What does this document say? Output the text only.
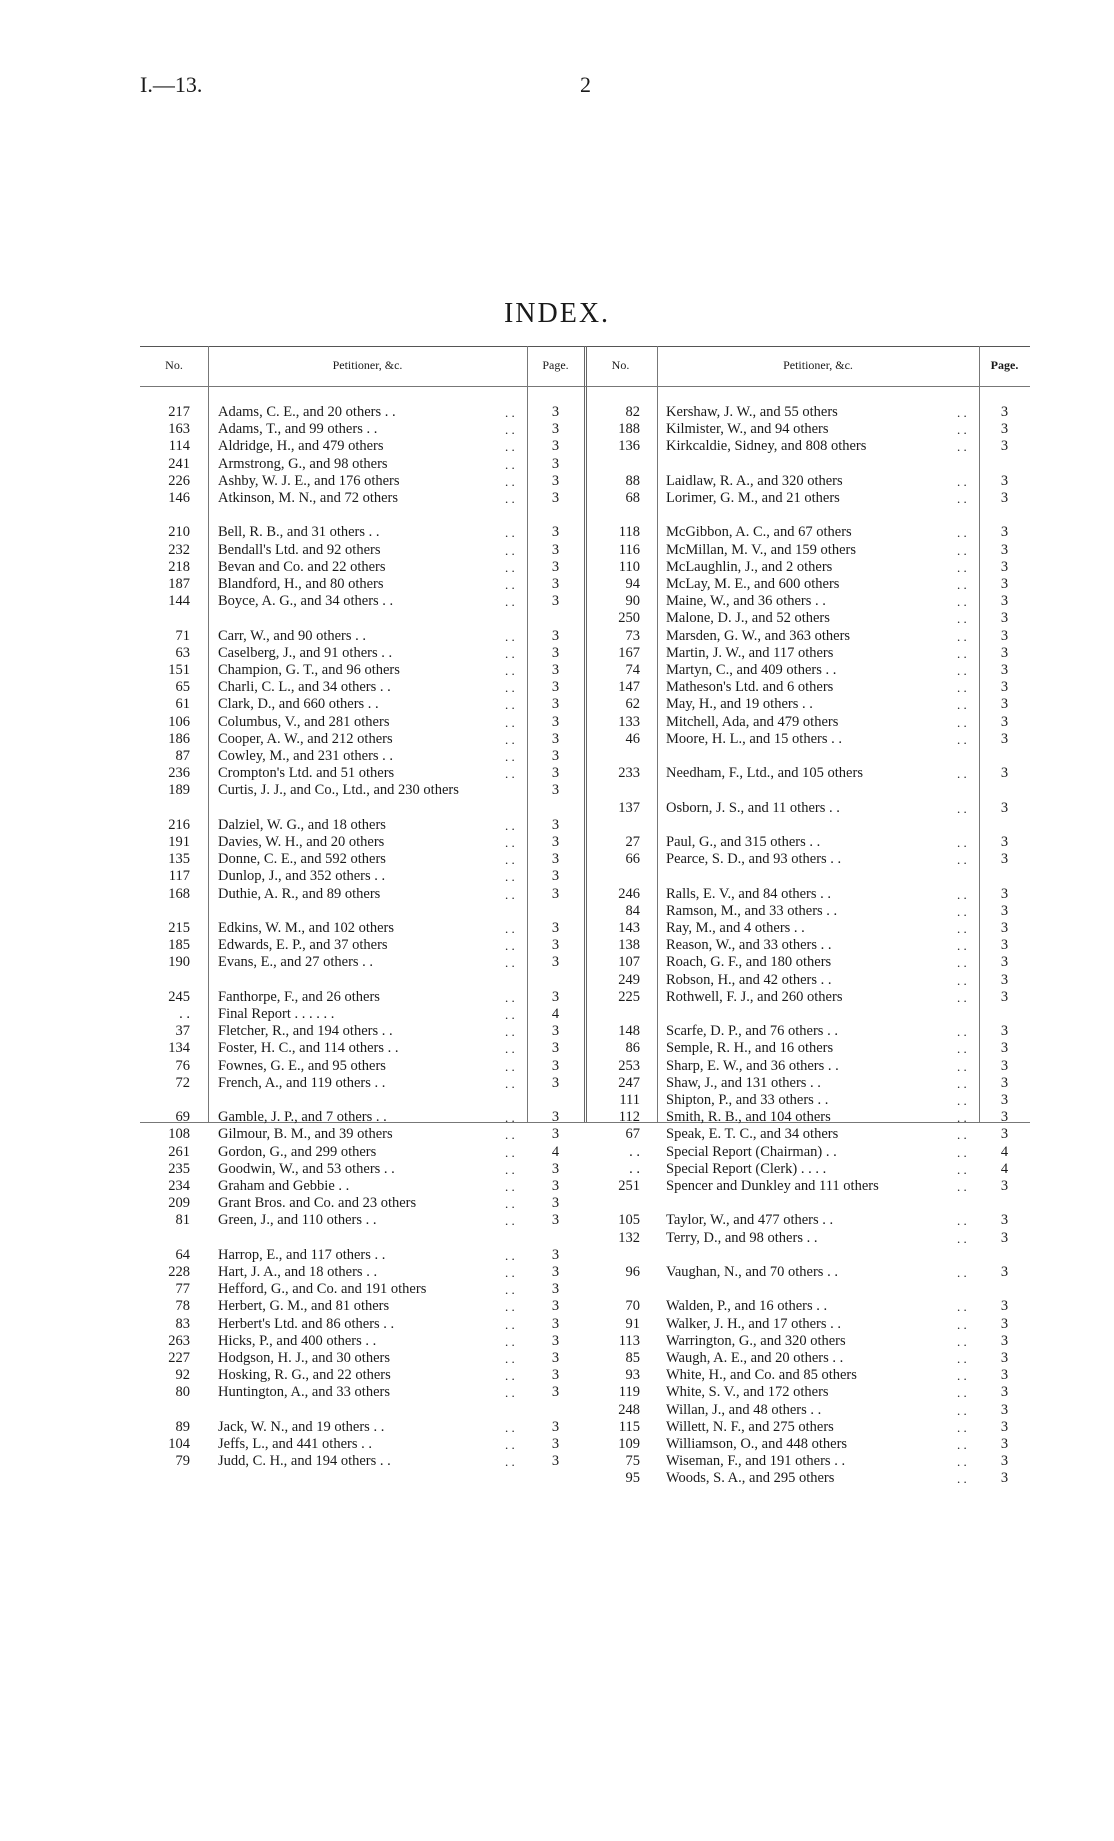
I.—13.	2
INDEX.
No.	Petitioner, &c.	Page.	No.	Petitioner, &c.	Page.
217 Adams, C. E., and 20 others . .	. .	3
163 Adams, T., and 99 others . .	. .	3
114 Aldridge, H., and 479 others	. .	3
241 Armstrong, G., and 98 others	. .	3
226 Ashby, W. J. E., and 176 others	. .	3
146 Atkinson, M. N., and 72 others	. .	3
210 Bell, R. B., and 31 others . .	. .	3
232 Bendall's Ltd. and 92 others	. .	3
218 Bevan and Co. and 22 others	. .	3
187 Blandford, H., and 80 others	. .	3
144 Boyce, A. G., and 34 others . .	. .	3
71 Carr, W., and 90 others . .	. .	3
63 Caselberg, J., and 91 others . .	. .	3
151 Champion, G. T., and 96 others	. .	3
65 Charli, C. L., and 34 others . .	. .	3
61 Clark, D., and 660 others . .	. .	3
106 Columbus, V., and 281 others	. .	3
186 Cooper, A. W., and 212 others	. .	3
87 Cowley, M., and 231 others . .	. .	3
236 Crompton's Ltd. and 51 others	. .	3
189 Curtis, J. J., and Co., Ltd., and 230 others	3
216 Dalziel, W. G., and 18 others	. .	3
191 Davies, W. H., and 20 others	. .	3
135 Donne, C. E., and 592 others	. .	3
117 Dunlop, J., and 352 others . .	. .	3
168 Duthie, A. R., and 89 others	. .	3
215 Edkins, W. M., and 102 others	. .	3
185 Edwards, E. P., and 37 others	. .	3
190 Evans, E., and 27 others . .	. .	3
245 Fanthorpe, F., and 26 others	. .	3
. . Final Report . . . . . .	. .	4
37 Fletcher, R., and 194 others . .	. .	3
134 Foster, H. C., and 114 others . .	. .	3
76 Fownes, G. E., and 95 others	. .	3
72 French, A., and 119 others . .	. .	3
69 Gamble, J. P., and 7 others . .	. .	3
108 Gilmour, B. M., and 39 others	. .	3
261 Gordon, G., and 299 others	. .	4
235 Goodwin, W., and 53 others . .	. .	3
234 Graham and Gebbie . .	. .	3
209 Grant Bros. and Co. and 23 others	. .	3
81 Green, J., and 110 others . .	. .	3
64 Harrop, E., and 117 others . .	. .	3
228 Hart, J. A., and 18 others . .	. .	3
77 Hefford, G., and Co. and 191 others	. .	3
78 Herbert, G. M., and 81 others	. .	3
83 Herbert's Ltd. and 86 others . .	. .	3
263 Hicks, P., and 400 others . .	. .	3
227 Hodgson, H. J., and 30 others	. .	3
92 Hosking, R. G., and 22 others	. .	3
80 Huntington, A., and 33 others	. .	3
89 Jack, W. N., and 19 others . .	. .	3
104 Jeffs, L., and 441 others . .	. .	3
79 Judd, C. H., and 194 others . .	. .	3
82 Kershaw, J. W., and 55 others	. .	3
188 Kilmister, W., and 94 others	. .	3
136 Kirkcaldie, Sidney, and 808 others	. .	3
88 Laidlaw, R. A., and 320 others	. .	3
68 Lorimer, G. M., and 21 others	. .	3
118 McGibbon, A. C., and 67 others	. .	3
116 McMillan, M. V., and 159 others	. .	3
110 McLaughlin, J., and 2 others	. .	3
94 McLay, M. E., and 600 others	. .	3
90 Maine, W., and 36 others . .	. .	3
250 Malone, D. J., and 52 others	. .	3
73 Marsden, G. W., and 363 others	. .	3
167 Martin, J. W., and 117 others	. .	3
74 Martyn, C., and 409 others . .	. .	3
147 Matheson's Ltd. and 6 others	. .	3
62 May, H., and 19 others . .	. .	3
133 Mitchell, Ada, and 479 others	. .	3
46 Moore, H. L., and 15 others . .	. .	3
233 Needham, F., Ltd., and 105 others	. .	3
137 Osborn, J. S., and 11 others . .	. .	3
27 Paul, G., and 315 others . .	. .	3
66 Pearce, S. D., and 93 others . .	. .	3
246 Ralls, E. V., and 84 others . .	. .	3
84 Ramson, M., and 33 others . .	. .	3
143 Ray, M., and 4 others . .	. .	3
138 Reason, W., and 33 others . .	. .	3
107 Roach, G. F., and 180 others	. .	3
249 Robson, H., and 42 others . .	. .	3
225 Rothwell, F. J., and 260 others	. .	3
148 Scarfe, D. P., and 76 others . .	. .	3
86 Semple, R. H., and 16 others	. .	3
253 Sharp, E. W., and 36 others . .	. .	3
247 Shaw, J., and 131 others . .	. .	3
111 Shipton, P., and 33 others . .	. .	3
112 Smith, R. B., and 104 others	. .	3
67 Speak, E. T. C., and 34 others	. .	3
. . Special Report (Chairman) . .	. .	4
. . Special Report (Clerk) . . . .	. .	4
251 Spencer and Dunkley and 111 others	. .	3
105 Taylor, W., and 477 others . .	. .	3
132 Terry, D., and 98 others . .	. .	3
96 Vaughan, N., and 70 others . .	. .	3
70 Walden, P., and 16 others . .	. .	3
91 Walker, J. H., and 17 others . .	. .	3
113 Warrington, G., and 320 others	. .	3
85 Waugh, A. E., and 20 others . .	. .	3
93 White, H., and Co. and 85 others	. .	3
119 White, S. V., and 172 others	. .	3
248 Willan, J., and 48 others . .	. .	3
115 Willett, N. F., and 275 others	. .	3
109 Williamson, O., and 448 others	. .	3
75 Wiseman, F., and 191 others . .	. .	3
95 Woods, S. A., and 295 others	. .	3
